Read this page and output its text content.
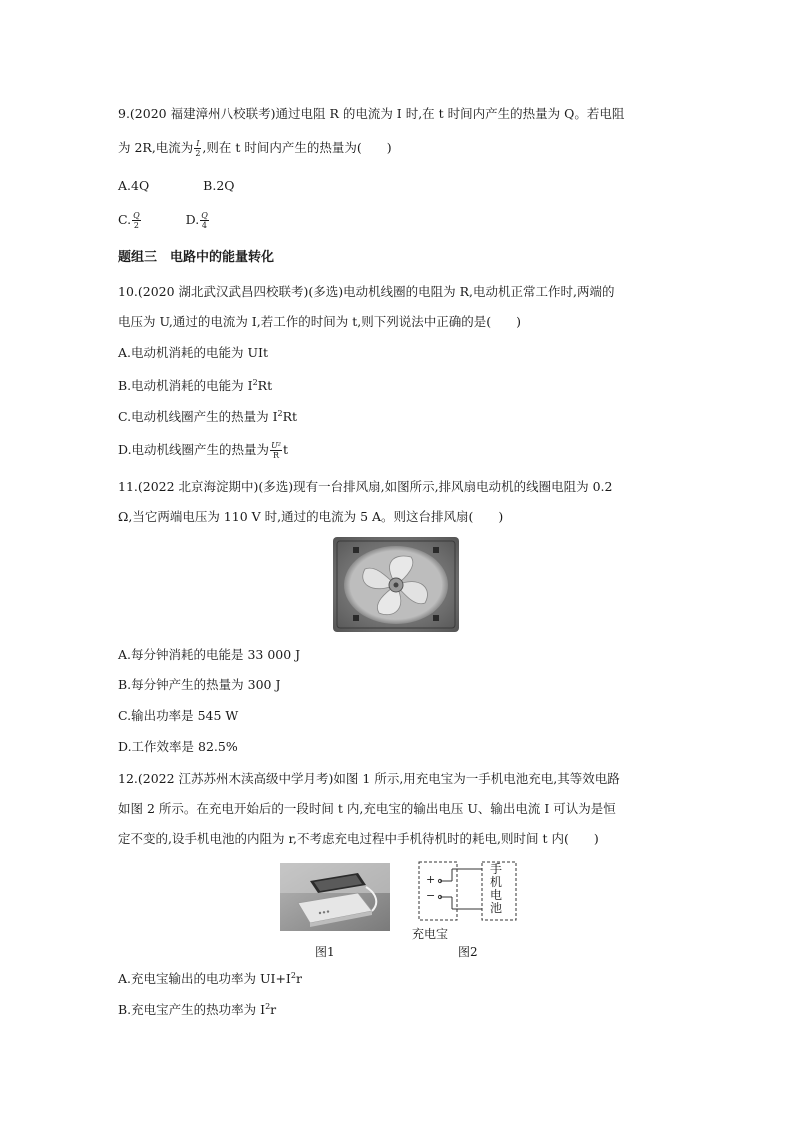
9.(2020 福建漳州八校联考)通过电阻 R 的电流为 I 时,在 t 时间内产生的热量为 Q。若电阻
为 2R,电流为 $\frac{I}{2}$ ,则在 t 时间内产生的热量为(　　)
A.4Q	B.2Q
C. $\frac{Q}{2}$	D. $\frac{Q}{4}$
题组三　电路中的能量转化
10.(2020 湖北武汉武昌四校联考)(多选)电动机线圈的电阻为 R,电动机正常工作时,两端的
电压为 U,通过的电流为 I,若工作的时间为 t,则下列说法中正确的是(　　)
A.电动机消耗的电能为 UIt
B.电动机消耗的电能为 $I^2Rt$
C.电动机线圈产生的热量为 $I^2Rt$
D.电动机线圈产生的热量为 $\frac{\text{U²}}{R}$ t
11.(2022 北京海淀期中)(多选)现有一台排风扇,如图所示,排风扇电动机的线圈电阻为 0.2
Ω,当它两端电压为 110 V 时,通过的电流为 5 A。则这台排风扇(　　)
A.每分钟消耗的电能是 33 000 J
B.每分钟产生的热量为 300 J
C.输出功率是 545 W
D.工作效率是 82.5%
12.(2022 江苏苏州木渎高级中学月考)如图 1 所示,用充电宝为一手机电池充电,其等效电路
如图 2 所示。在充电开始后的一段时间 t 内,充电宝的输出电压 U、输出电流 I 可认为是恒
定不变的,设手机电池的内阻为 r,不考虑充电过程中手机待机时的耗电,则时间 t 内(　　)
图1
+
−
手机电池
充电宝
图2
A.充电宝输出的电功率为 $UI+I^2r$
B.充电宝产生的热功率为 $I^2r$
